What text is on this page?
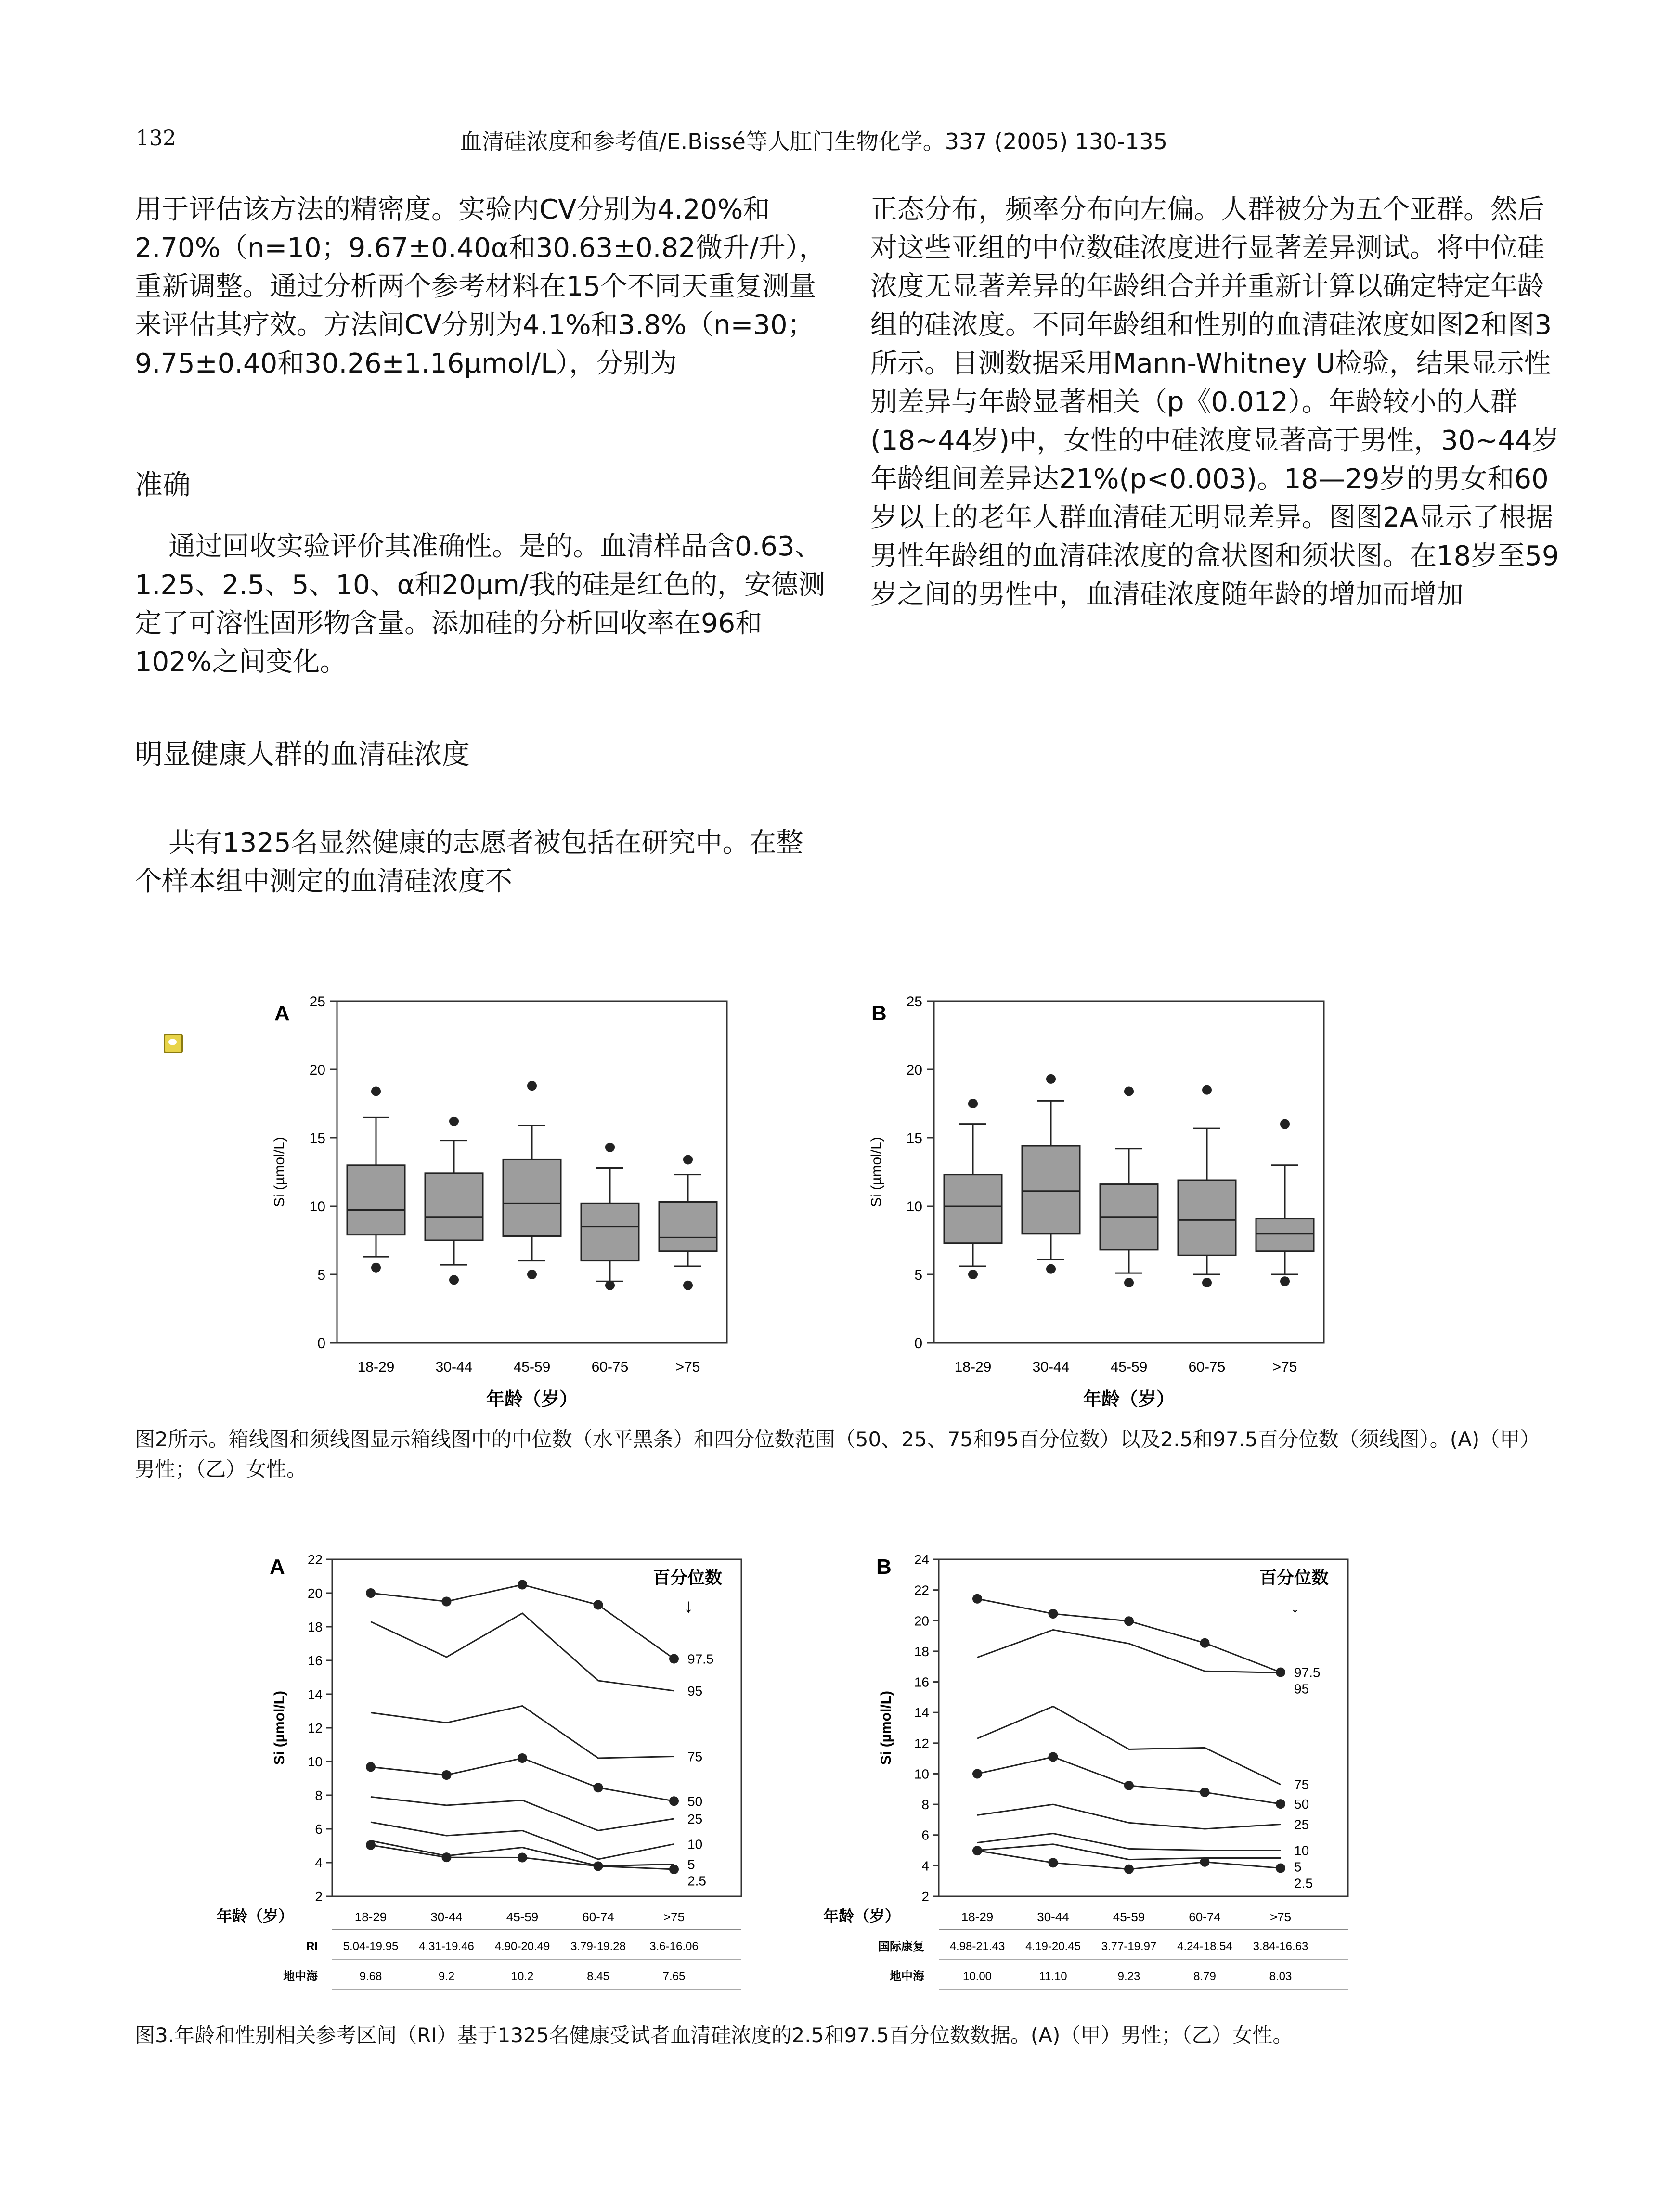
132	血清硅浓度和参考值/E.Bissé等人肛门生物化学。337 (2005) 130-135

用于评估该方法的精密度。实验内CV分别为4.20%和2.70%（n=10；9.67±0.40α和30.63±0.82微升/升），重新调整。通过分析两个参考材料在15个不同天重复测量来评估其疗效。方法间CV分别为4.1%和3.8%（n=30；9.75±0.40和30.26±1.16μmol/L），分别为

准确
通过回收实验评价其准确性。是的。血清样品含0.63、1.25、2.5、5、10、α和20μm/我的硅是红色的，安德测定了可溶性固形物含量。添加硅的分析回收率在96和102%之间变化。
明显健康人群的血清硅浓度
共有1325名显然健康的志愿者被包括在研究中。在整个样本组中测定的血清硅浓度不

正态分布，频率分布向左偏。人群被分为五个亚群。然后对这些亚组的中位数硅浓度进行显著差异测试。将中位硅浓度无显著差异的年龄组合并并重新计算以确定特定年龄组的硅浓度。不同年龄组和性别的血清硅浓度如图2和图3所示。目测数据采用Mann-Whitney U检验，结果显示性别差异与年龄显著相关（p《0.012）。年龄较小的人群(18~44岁)中，女性的中硅浓度显著高于男性，30~44岁年龄组间差异达21%(p<0.003)。18—29岁的男女和60岁以上的老年人群血清硅无明显差异。图图2A显示了根据男性年龄组的血清硅浓度的盒状图和须状图。在18岁至59岁之间的男性中，血清硅浓度随年龄的增加而增加

A
0
5
10
15
20
25
Si (µmol/L)
18-29	30-44	45-59	60-75	>75
年龄（岁）
B
0
5
10
15
20
25
Si (µmol/L)
18-29	30-44	45-59	60-75	>75
年龄（岁）
图2所示。箱线图和须线图显示箱线图中的中位数（水平黑条）和四分位数范围（50、25、75和95百分位数）以及2.5和97.5百分位数（须线图）。(A)（甲）男性；（乙）女性。
A
2
4
6
8
10
12
14
16
18
20
22
Si (µmol/L)
97.5
95
75
50
25
10
5
2.5
百分位数
↓
年龄（岁）	18-29	30-44	45-59	60-74	>75
RI 5.04-19.95 4.31-19.46 4.90-20.49 3.79-19.28 3.6-16.06
地中海	9.68	9.2	10.2	8.45	7.65
B
2
4
6
8
10
12
14
16
18
20
22
24
Si (µmol/L)
97.5
95
75
50
25
10
5
2.5
百分位数
↓
年龄（岁）	18-29	30-44	45-59	60-74	>75
国际康复 4.98-21.43 4.19-20.45 3.77-19.97 4.24-18.54 3.84-16.63
地中海	10.00	11.10	9.23	8.79	8.03
图3.年龄和性别相关参考区间（RI）基于1325名健康受试者血清硅浓度的2.5和97.5百分位数数据。(A)（甲）男性；（乙）女性。
